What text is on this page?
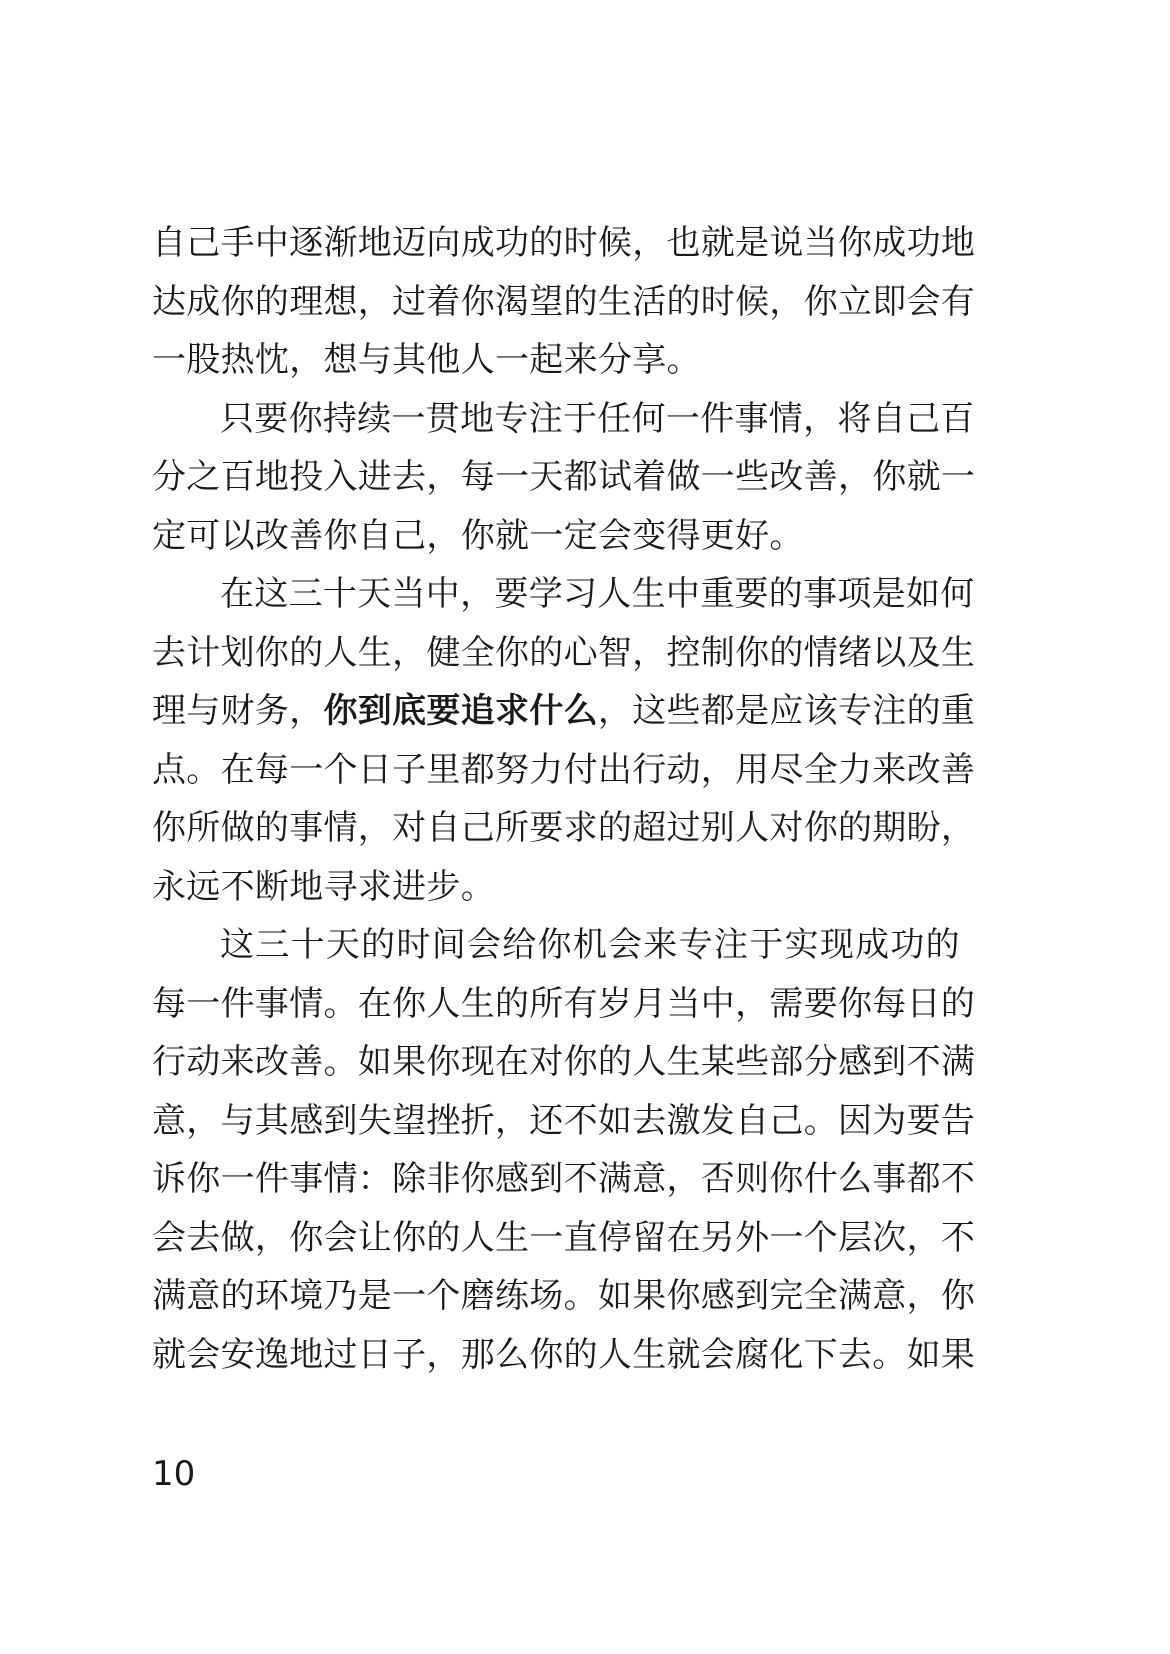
自己手中逐渐地迈向成功的时候，也就是说当你成功地
达成你的理想，过着你渴望的生活的时候，你立即会有
一股热忱，想与其他人一起来分享。
只要你持续一贯地专注于任何一件事情，将自己百
分之百地投入进去，每一天都试着做一些改善，你就一
定可以改善你自己，你就一定会变得更好。
在这三十天当中，要学习人生中重要的事项是如何
去计划你的人生，健全你的心智，控制你的情绪以及生
理与财务，你到底要追求什么，这些都是应该专注的重
点。在每一个日子里都努力付出行动，用尽全力来改善
你所做的事情，对自己所要求的超过别人对你的期盼，
永远不断地寻求进步。
这三十天的时间会给你机会来专注于实现成功的
每一件事情。在你人生的所有岁月当中，需要你每日的
行动来改善。如果你现在对你的人生某些部分感到不满
意，与其感到失望挫折，还不如去激发自己。因为要告
诉你一件事情：除非你感到不满意，否则你什么事都不
会去做，你会让你的人生一直停留在另外一个层次，不
满意的环境乃是一个磨练场。如果你感到完全满意，你
就会安逸地过日子，那么你的人生就会腐化下去。如果
10
